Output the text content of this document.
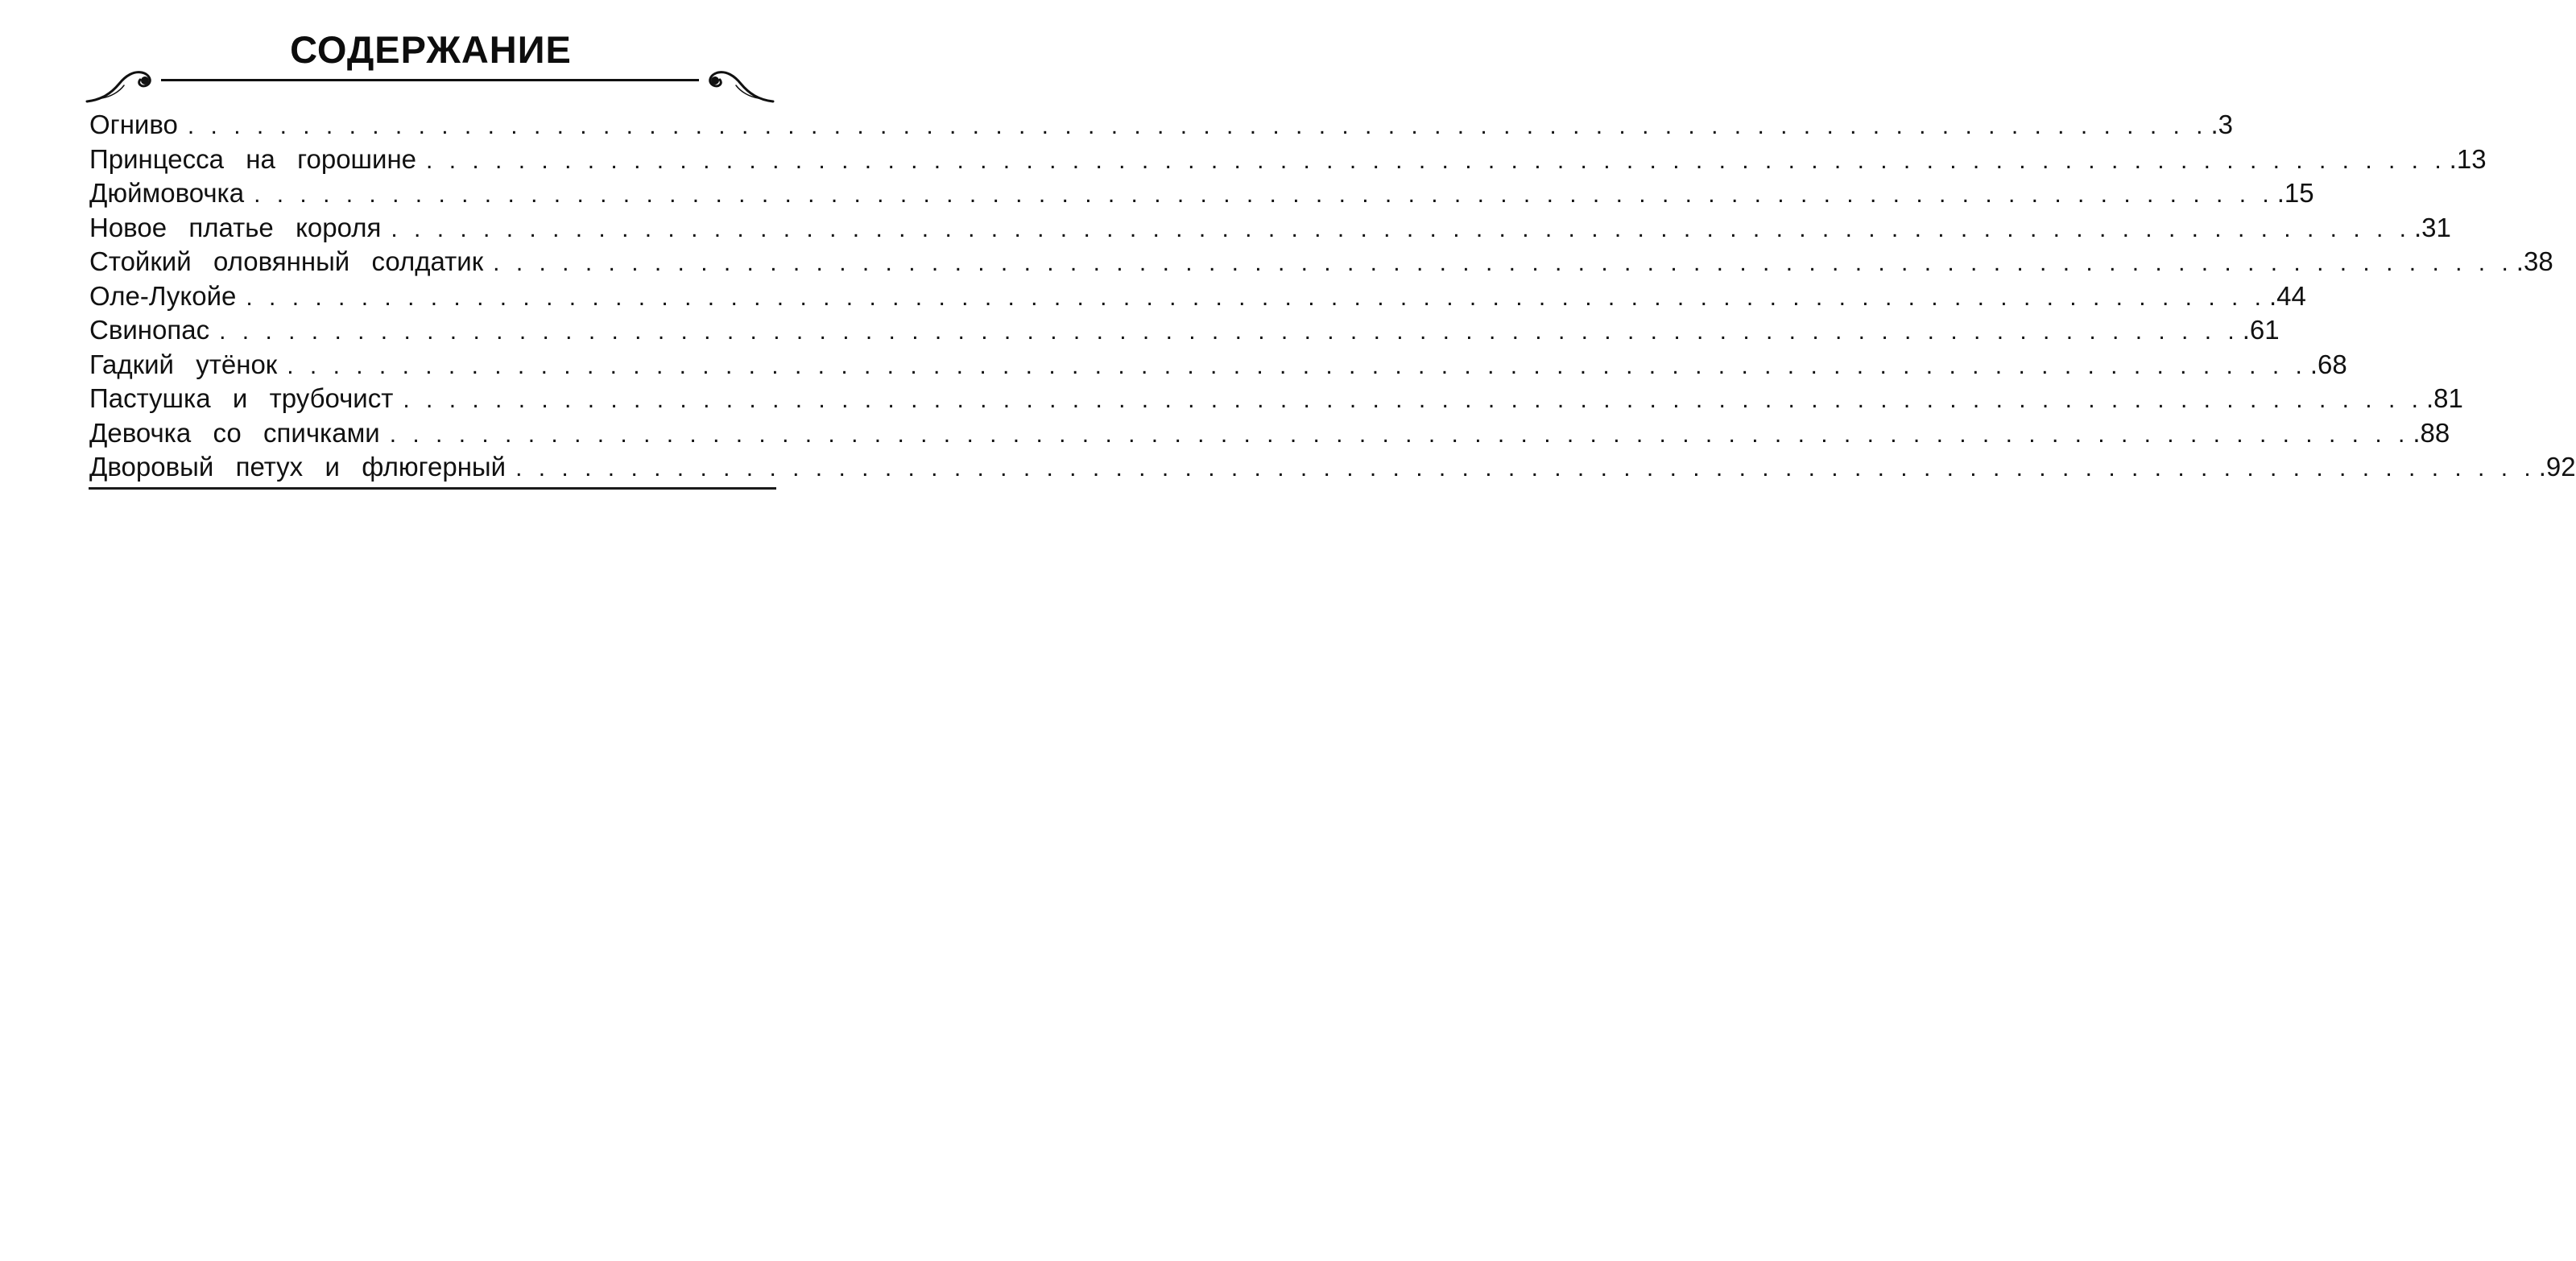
СОДЕРЖАНИЕ
Огниво . . . . . . . . . . . . . . . . . . . . . . . . . . . . . . . . . . . . . . . . . . . . . . . . . . . . . . . . . . . . . . . . . . . . . . . . . . . . . . . . . . . . . . . . .3
Принцесса на горошине . . . . . . . . . . . . . . . . . . . . . . . . . . . . . . . . . . . . . . . . . . . . . . . . . . . . . . . . . . . . . . . . . . . . . . . . . . . . . . . . . . . . . . . . .13
Дюймовочка . . . . . . . . . . . . . . . . . . . . . . . . . . . . . . . . . . . . . . . . . . . . . . . . . . . . . . . . . . . . . . . . . . . . . . . . . . . . . . . . . . . . . . . . .15
Новое платье короля . . . . . . . . . . . . . . . . . . . . . . . . . . . . . . . . . . . . . . . . . . . . . . . . . . . . . . . . . . . . . . . . . . . . . . . . . . . . . . . . . . . . . . . . .31
Стойкий оловянный солдатик . . . . . . . . . . . . . . . . . . . . . . . . . . . . . . . . . . . . . . . . . . . . . . . . . . . . . . . . . . . . . . . . . . . . . . . . . . . . . . . . . . . . . . . . .38
Оле-Лукойе . . . . . . . . . . . . . . . . . . . . . . . . . . . . . . . . . . . . . . . . . . . . . . . . . . . . . . . . . . . . . . . . . . . . . . . . . . . . . . . . . . . . . . . . .44
Свинопас . . . . . . . . . . . . . . . . . . . . . . . . . . . . . . . . . . . . . . . . . . . . . . . . . . . . . . . . . . . . . . . . . . . . . . . . . . . . . . . . . . . . . . . . .61
Гадкий утёнок . . . . . . . . . . . . . . . . . . . . . . . . . . . . . . . . . . . . . . . . . . . . . . . . . . . . . . . . . . . . . . . . . . . . . . . . . . . . . . . . . . . . . . . . .68
Пастушка и трубочист . . . . . . . . . . . . . . . . . . . . . . . . . . . . . . . . . . . . . . . . . . . . . . . . . . . . . . . . . . . . . . . . . . . . . . . . . . . . . . . . . . . . . . . . .81
Девочка со спичками . . . . . . . . . . . . . . . . . . . . . . . . . . . . . . . . . . . . . . . . . . . . . . . . . . . . . . . . . . . . . . . . . . . . . . . . . . . . . . . . . . . . . . . . .88
Дворовый петух и флюгерный . . . . . . . . . . . . . . . . . . . . . . . . . . . . . . . . . . . . . . . . . . . . . . . . . . . . . . . . . . . . . . . . . . . . . . . . . . . . . . . . . . . . . . . . .92
